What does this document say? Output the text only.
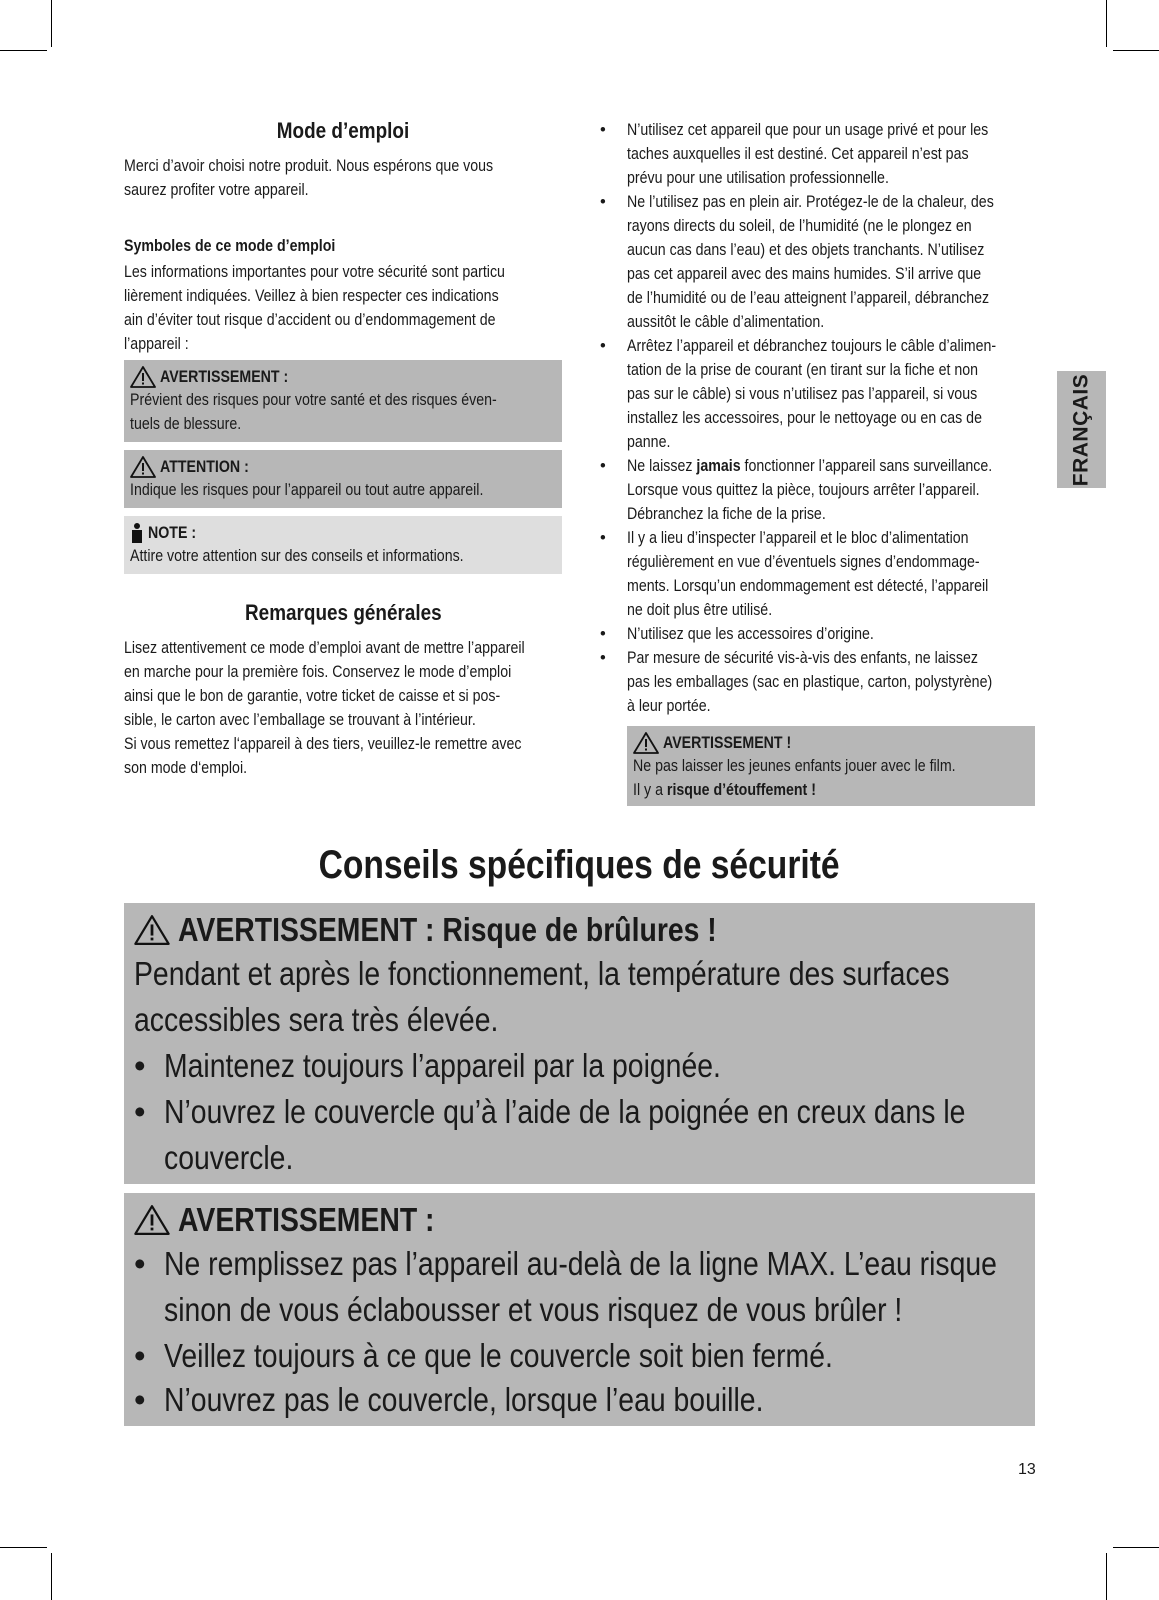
FRANÇAIS
Mode d’emploi

Merci d’avoir choisi notre produit. Nous espérons que vous
saurez profiter votre appareil.

Symboles de ce mode d’emploi

Les informations importantes pour votre sécurité sont particu
lièrement indiquées. Veillez à bien respecter ces indications
ain d’éviter tout risque d’accident ou d’endommagement de
l’appareil :

AVERTISSEMENT :
Prévient des risques pour votre santé et des risques éven-
tuels de blessure.
ATTENTION :
Indique les risques pour l’appareil ou tout autre appareil.
NOTE :
Attire votre attention sur des conseils et informations.
Remarques générales

Lisez attentivement ce mode d’emploi avant de mettre l’appareil
en marche pour la première fois. Conservez le mode d’emploi
ainsi que le bon de garantie, votre ticket de caisse et si pos-
sible, le carton avec l’emballage se trouvant à l’intérieur.
Si vous remettez l‘appareil à des tiers, veuillez-le remettre avec
son mode d‘emploi.

• N’utilisez cet appareil que pour un usage privé et pour les
taches auxquelles il est destiné. Cet appareil n’est pas
prévu pour une utilisation professionnelle.
• Ne l’utilisez pas en plein air. Protégez-le de la chaleur, des
rayons directs du soleil, de l’humidité (ne le plongez en
aucun cas dans l’eau) et des objets tranchants. N’utilisez
pas cet appareil avec des mains humides. S’il arrive que
de l’humidité ou de l’eau atteignent l’appareil, débranchez
aussitôt le câble d’alimentation.
• Arrêtez l’appareil et débranchez toujours le câble d’alimen-
tation de la prise de courant (en tirant sur la fiche et non
pas sur le câble) si vous n’utilisez pas l’appareil, si vous
installez les accessoires, pour le nettoyage ou en cas de
panne.
• Ne laissez jamais fonctionner l’appareil sans surveillance.
Lorsque vous quittez la pièce, toujours arrêter l’appareil.
Débranchez la fiche de la prise.
• Il y a lieu d’inspecter l’appareil et le bloc d’alimentation
régulièrement en vue d’éventuels signes d’endommage-
ments. Lorsqu’un endommagement est détecté, l’appareil
ne doit plus être utilisé.
• N’utilisez que les accessoires d’origine.
• Par mesure de sécurité vis-à-vis des enfants, ne laissez
pas les emballages (sac en plastique, carton, polystyrène)
à leur portée.
AVERTISSEMENT !
Ne pas laisser les jeunes enfants jouer avec le film.
Il y a risque d’étouffement !
Conseils spécifiques de sécurité
AVERTISSEMENT : Risque de brûlures !
Pendant et après le fonctionnement, la température des surfaces
accessibles sera très élevée.
• Maintenez toujours l’appareil par la poignée.
• N’ouvrez le couvercle qu’à l’aide de la poignée en creux dans le
couvercle.
AVERTISSEMENT :
• Ne remplissez pas l’appareil au-delà de la ligne MAX. L’eau risque
sinon de vous éclabousser et vous risquez de vous brûler !
• Veillez toujours à ce que le couvercle soit bien fermé.
• N’ouvrez pas le couvercle, lorsque l’eau bouille.
13
